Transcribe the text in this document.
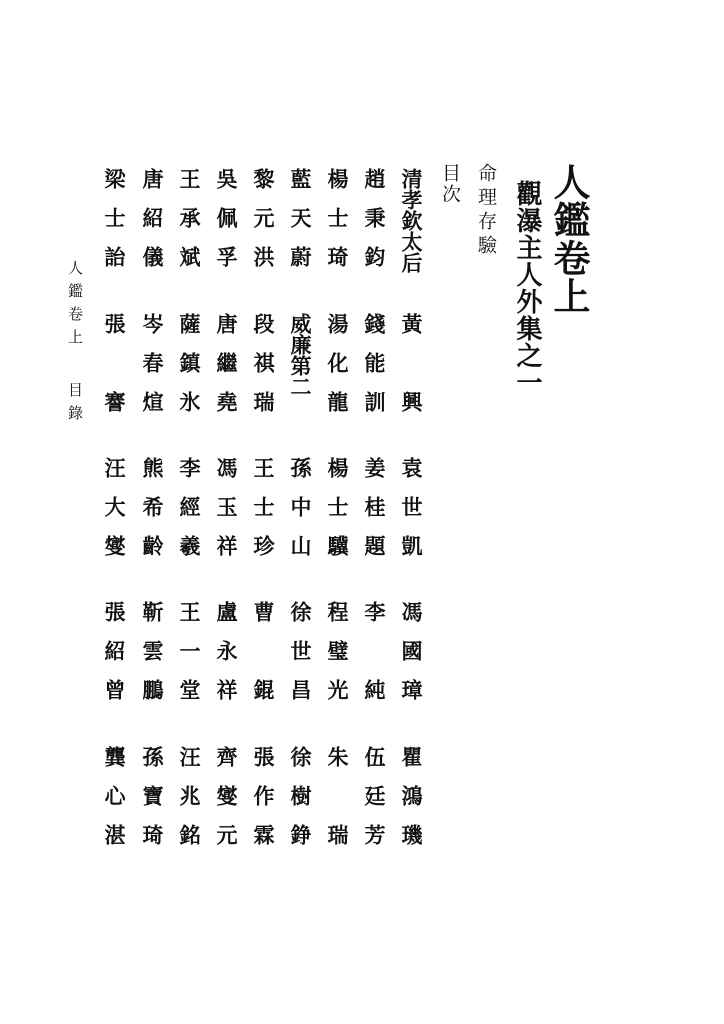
人鑑卷上
觀瀑主人外集之一
命理存驗
目次
人鑑卷上目錄
清孝欽太后
黃　興
袁世凱
馮國璋
瞿鴻璣
趙秉鈞
錢能訓
姜桂題
李　純
伍廷芳
楊士琦
湯化龍
楊士驥
程璧光
朱　瑞
藍天蔚
威廉第二
孫中山
徐世昌
徐樹錚
黎元洪
段祺瑞
王士珍
曹　錕
張作霖
吳佩孚
唐繼堯
馮玉祥
盧永祥
齊燮元
王承斌
薩鎮氷
李經羲
王一堂
汪兆銘
唐紹儀
岑春煊
熊希齡
靳雲鵬
孫寶琦
梁士詒
張　謇
汪大燮
張紹曾
龔心湛
